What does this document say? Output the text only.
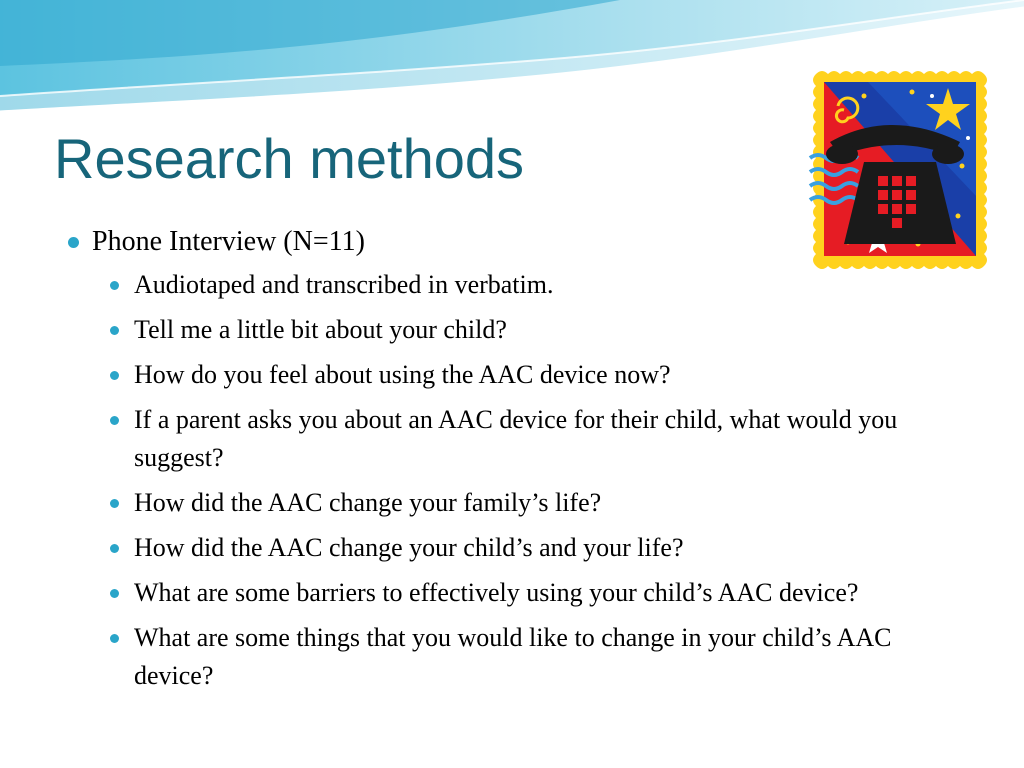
Research methods
Phone Interview (N=11)
Audiotaped and transcribed in verbatim.
Tell me a little bit about your child?
How do you feel about using the AAC device now?
If a parent asks you about an AAC device for their child, what would you suggest?
How did the AAC change your family’s life?
How did the AAC change your child’s and your life?
What are some barriers to effectively using your child’s AAC device?
What are some things that you would like to change in your child’s AAC device?
